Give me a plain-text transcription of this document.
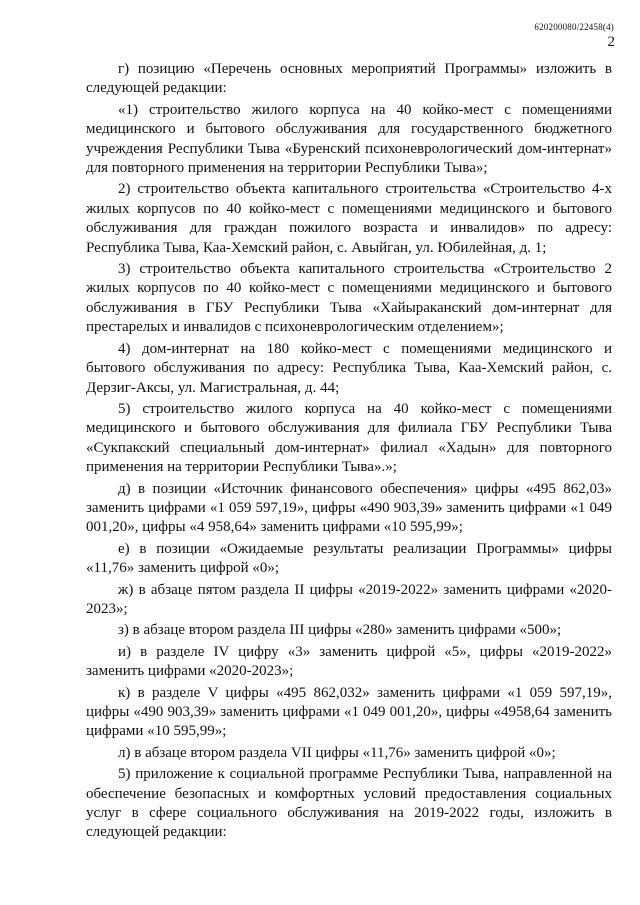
620200080/22458(4)
2

г) позицию «Перечень основных мероприятий Программы» изложить в следующей редакции:

«1) строительство жилого корпуса на 40 койко-мест с помещениями медицинского и бытового обслуживания для государственного бюджетного учреждения Республики Тыва «Буренский психоневрологический дом-интернат» для повторного применения на территории Республики Тыва»;

2) строительство объекта капитального строительства «Строительство 4-х жилых корпусов по 40 койко-мест с помещениями медицинского и бытового обслуживания для граждан пожилого возраста и инвалидов» по адресу: Республика Тыва, Каа-Хемский район, с. Авыйган, ул. Юбилейная, д. 1;

3) строительство объекта капитального строительства «Строительство 2 жилых корпусов по 40 койко-мест с помещениями медицинского и бытового обслуживания в ГБУ Республики Тыва «Хайыраканский дом-интернат для престарелых и инвалидов с психоневрологическим отделением»;

4) дом-интернат на 180 койко-мест с помещениями медицинского и бытового обслуживания по адресу: Республика Тыва, Каа-Хемский район, с. Дерзиг-Аксы, ул. Магистральная, д. 44;

5) строительство жилого корпуса на 40 койко-мест с помещениями медицинского и бытового обслуживания для филиала ГБУ Республики Тыва «Сукпакский специальный дом-интернат» филиал «Хадын» для повторного применения на территории Республики Тыва».»;

д) в позиции «Источник финансового обеспечения» цифры «495 862,03» заменить цифрами «1 059 597,19», цифры «490 903,39» заменить цифрами «1 049 001,20», цифры «4 958,64» заменить цифрами «10 595,99»;

е) в позиции «Ожидаемые результаты реализации Программы» цифры «11,76» заменить цифрой «0»;

ж) в абзаце пятом раздела II цифры «2019-2022» заменить цифрами «2020-2023»;

з) в абзаце втором раздела III цифры «280» заменить цифрами «500»;

и) в разделе IV цифру «3» заменить цифрой «5», цифры «2019-2022» заменить цифрами «2020-2023»;

к) в разделе V цифры «495 862,032» заменить цифрами «1 059 597,19», цифры «490 903,39» заменить цифрами «1 049 001,20», цифры «4958,64 заменить цифрами «10 595,99»;

л) в абзаце втором раздела VII цифры «11,76» заменить цифрой «0»;

5) приложение к социальной программе Республики Тыва, направленной на обеспечение безопасных и комфортных условий предоставления социальных услуг в сфере социального обслуживания на 2019-2022 годы, изложить в следующей редакции:
